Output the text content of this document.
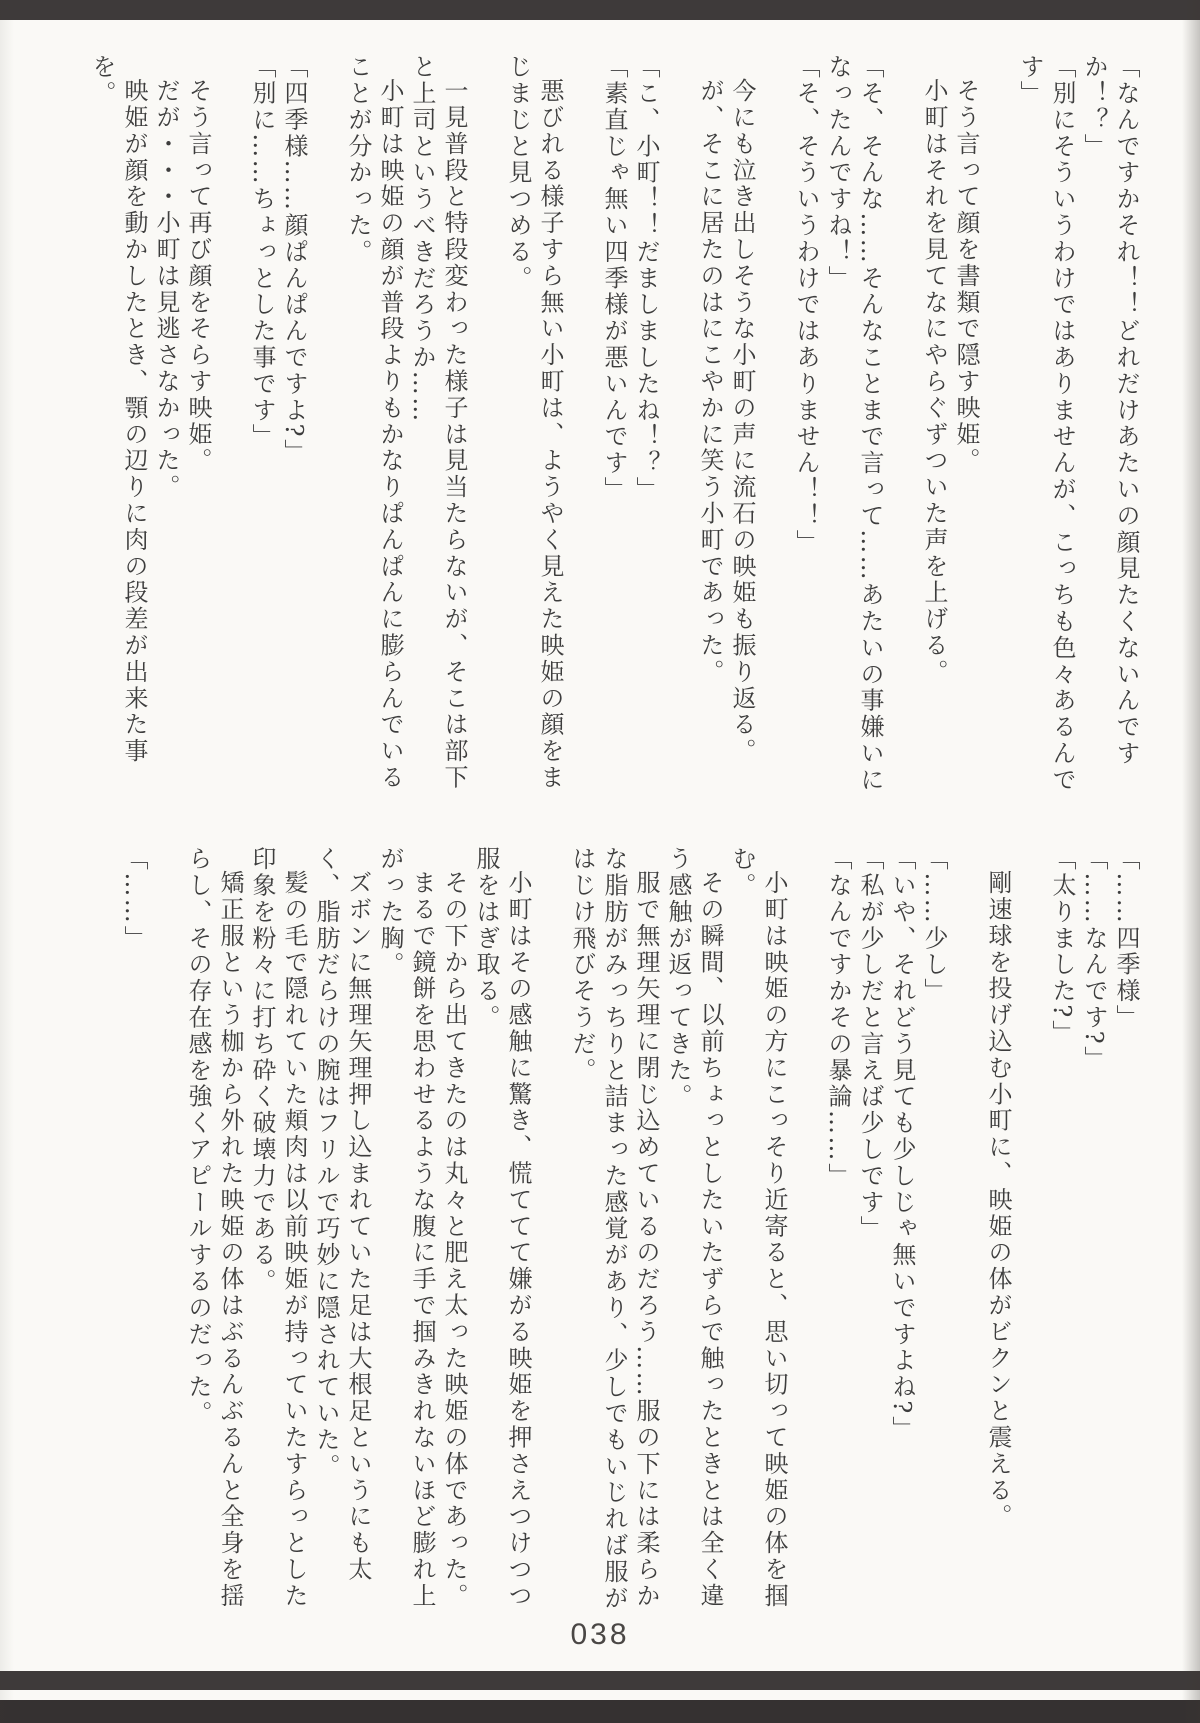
「なんですかそれ！！どれだけあたいの顔見たくないんですか！？」

「別にそういうわけではありませんが、こっちも色々あるんです」

そう言って顔を書類で隠す映姫。

小町はそれを見てなにやらぐずついた声を上げる。

「そ、そんな……そんなことまで言って……あたいの事嫌いになったんですね！」

「そ、そういうわけではありません！！」

今にも泣き出しそうな小町の声に流石の映姫も振り返る。

が、そこに居たのはにこやかに笑う小町であった。

「こ、小町！！だましましたね！？」

「素直じゃ無い四季様が悪いんです」

悪びれる様子すら無い小町は、ようやく見えた映姫の顔をまじまじと見つめる。

一見普段と特段変わった様子は見当たらないが、そこは部下と上司というべきだろうか……

小町は映姫の顔が普段よりもかなりぱんぱんに膨らんでいることが分かった。

「四季様……顔ぱんぱんですよ?」

「別に……ちょっとした事です」

そう言って再び顔をそらす映姫。

だが・・・小町は見逃さなかった。

映姫が顔を動かしたとき、顎の辺りに肉の段差が出来た事を。

「……四季様」

「……なんです?」

「太りました?」

剛速球を投げ込む小町に、映姫の体がビクンと震える。

「……少し」

「いや、それどう見ても少しじゃ無いですよね?」

「私が少しだと言えば少しです」

「なんですかその暴論……」

小町は映姫の方にこっそり近寄ると、思い切って映姫の体を掴む。

その瞬間、以前ちょっとしたいたずらで触ったときとは全く違う感触が返ってきた。

服で無理矢理に閉じ込めているのだろう……服の下には柔らかな脂肪がみっちりと詰まった感覚があり、少しでもいじれば服がはじけ飛びそうだ。

小町はその感触に驚き、慌ててて嫌がる映姫を押さえつけつつ服をはぎ取る。

その下から出てきたのは丸々と肥え太った映姫の体であった。

まるで鏡餅を思わせるような腹に手で掴みきれないほど膨れ上がった胸。

ズボンに無理矢理押し込まれていた足は大根足というにも太く、脂肪だらけの腕はフリルで巧妙に隠されていた。

髪の毛で隠れていた頬肉は以前映姫が持っていたすらっとした印象を粉々に打ち砕く破壊力である。

矯正服という枷から外れた映姫の体はぶるんぶるんと全身を揺らし、その存在感を強くアピールするのだった。

「……」

038
